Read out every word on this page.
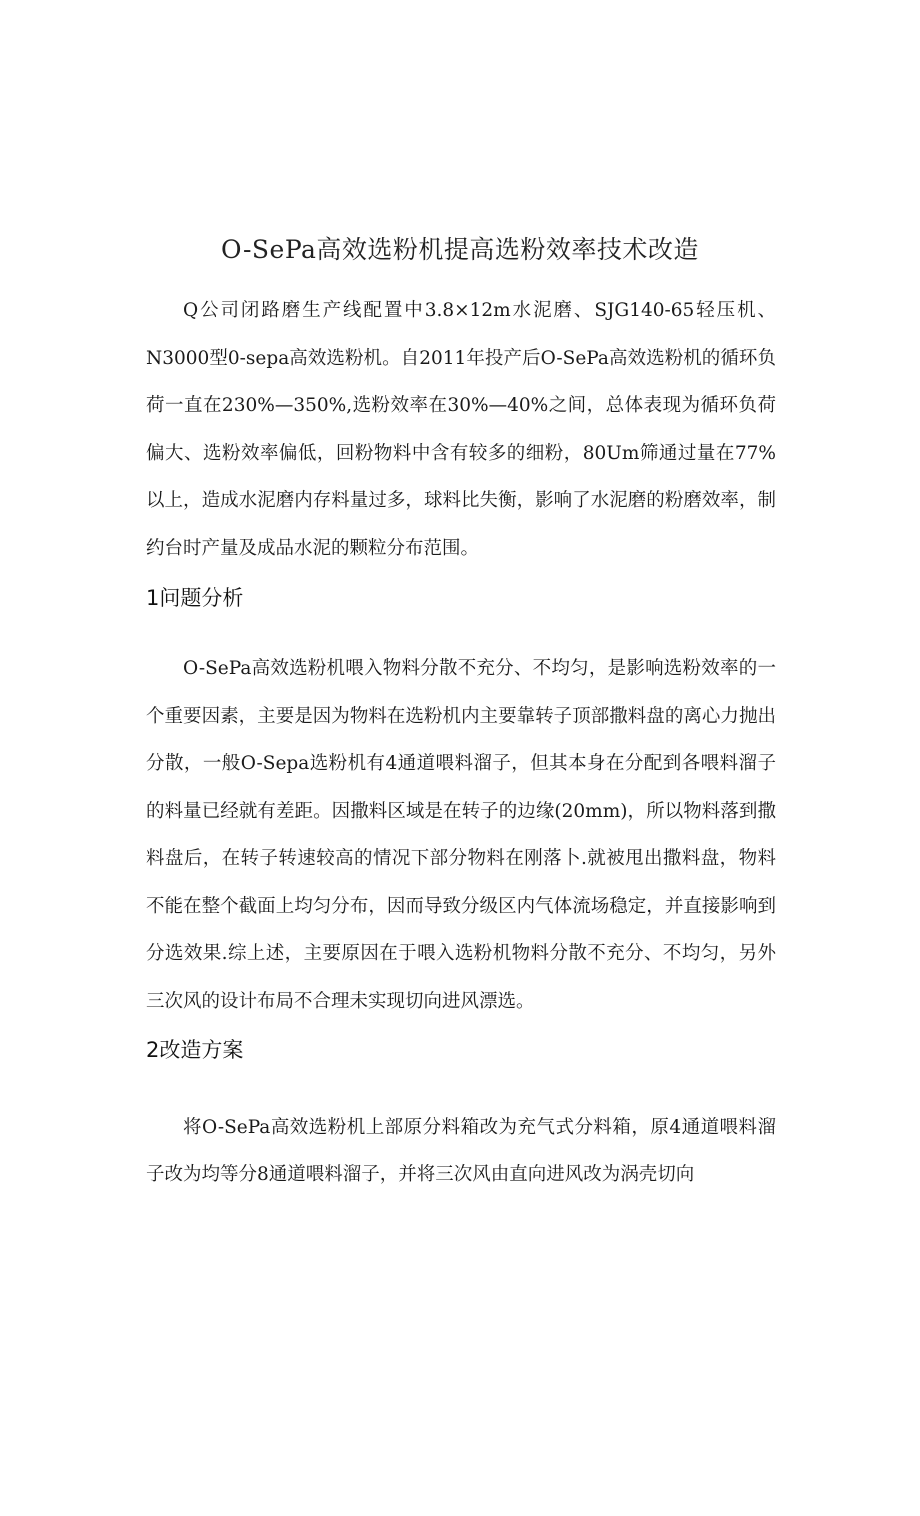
O-SePa高效选粉机提高选粉效率技术改造
Q公司闭路磨生产线配置中3.8×12m水泥磨、SJG140-65轻压机、N3000型0-sepa高效选粉机。自2011年投产后O-SePa高效选粉机的循环负荷一直在230%—350%,选粉效率在30%—40%之间，总体表现为循环负荷偏大、选粉效率偏低，回粉物料中含有较多的细粉，80Um筛通过量在77%以上，造成水泥磨内存料量过多，球料比失衡，影响了水泥磨的粉磨效率，制约台时产量及成品水泥的颗粒分布范围。
1问题分析
O-SePa高效选粉机喂入物料分散不充分、不均匀，是影响选粉效率的一个重要因素，主要是因为物料在选粉机内主要靠转子顶部撒料盘的离心力抛出分散，一般O-Sepa选粉机有4通道喂料溜子，但其本身在分配到各喂料溜子的料量已经就有差距。因撒料区域是在转子的边缘(20mm)，所以物料落到撒料盘后，在转子转速较高的情况下部分物料在刚落卜.就被甩出撒料盘，物料不能在整个截面上均匀分布，因而导致分级区内气体流场稳定，并直接影响到分选效果.综上述，主要原因在于喂入选粉机物料分散不充分、不均匀，另外三次风的设计布局不合理未实现切向进风漂选。
2改造方案
将O-SePa高效选粉机上部原分料箱改为充气式分料箱，原4通道喂料溜子改为均等分8通道喂料溜子，并将三次风由直向进风改为涡壳切向
